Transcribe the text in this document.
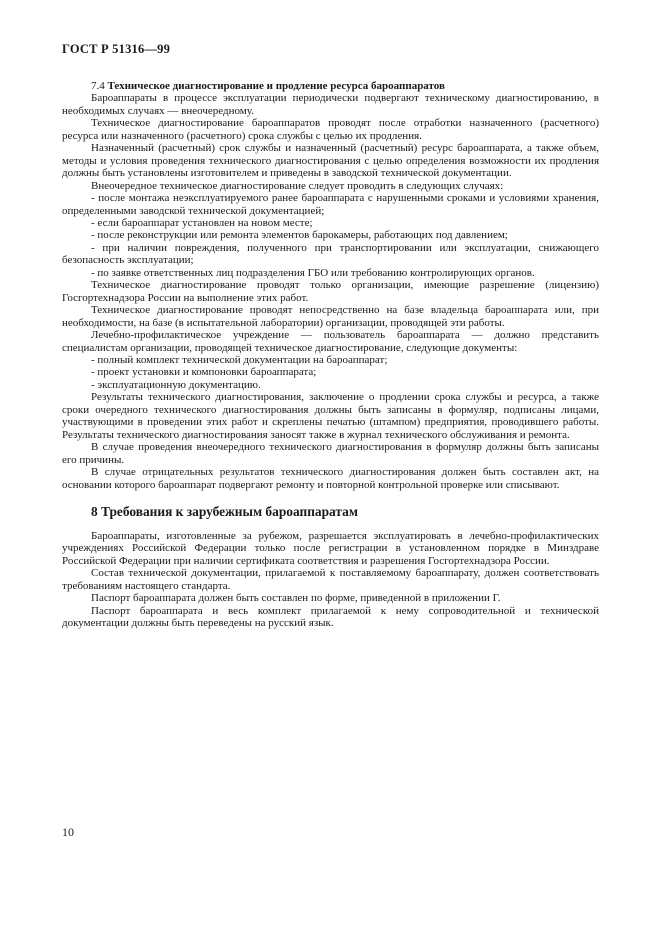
ГОСТ Р 51316—99

7.4 Техническое диагностирование и продление ресурса бароаппаратов

Бароаппараты в процессе эксплуатации периодически подвергают техническому диагностированию, в необходимых случаях — внеочередному.

Техническое диагностирование бароаппаратов проводят после отработки назначенного (расчетного) ресурса или назначенного (расчетного) срока службы с целью их продления.

Назначенный (расчетный) срок службы и назначенный (расчетный) ресурс бароаппарата, а также объем, методы и условия проведения технического диагностирования с целью определения возможности их продления должны быть установлены изготовителем и приведены в заводской технической документации.

Внеочередное техническое диагностирование следует проводить в следующих случаях:

- после монтажа неэксплуатируемого ранее бароаппарата с нарушенными сроками и условиями хранения, определенными заводской технической документацией;

- если бароаппарат установлен на новом месте;

- после реконструкции или ремонта элементов барокамеры, работающих под давлением;

- при наличии повреждения, полученного при транспортировании или эксплуатации, снижающего безопасность эксплуатации;

- по заявке ответственных лиц подразделения ГБО или требованию контролирующих органов.

Техническое диагностирование проводят только организации, имеющие разрешение (лицензию) Госгортехнадзора России на выполнение этих работ.

Техническое диагностирование проводят непосредственно на базе владельца бароаппарата или, при необходимости, на базе (в испытательной лаборатории) организации, проводящей эти работы.

Лечебно-профилактическое учреждение — пользователь бароаппарата — должно представить специалистам организации, проводящей техническое диагностирование, следующие документы:

- полный комплект технической документации на бароаппарат;

- проект установки и компоновки бароаппарата;

- эксплуатационную документацию.

Результаты технического диагностирования, заключение о продлении срока службы и ресурса, а также сроки очередного технического диагностирования должны быть записаны в формуляр, подписаны лицами, участвующими в проведении этих работ и скреплены печатью (штампом) предприятия, проводившего работы. Результаты технического диагностирования заносят также в журнал технического обслуживания и ремонта.

В случае проведения внеочередного технического диагностирования в формуляр должны быть записаны его причины.

В случае отрицательных результатов технического диагностирования должен быть составлен акт, на основании которого бароаппарат подвергают ремонту и повторной контрольной проверке или списывают.

8 Требования к зарубежным бароаппаратам

Бароаппараты, изготовленные за рубежом, разрешается эксплуатировать в лечебно-профилактических учреждениях Российской Федерации только после регистрации в установленном порядке в Минздраве Российской Федерации при наличии сертификата соответствия и разрешения Госгортехнадзора России.

Состав технической документации, прилагаемой к поставляемому бароаппарату, должен соответствовать требованиям настоящего стандарта.

Паспорт бароаппарата должен быть составлен по форме, приведенной в приложении Г.

Паспорт бароаппарата и весь комплект прилагаемой к нему сопроводительной и технической документации должны быть переведены на русский язык.

10
